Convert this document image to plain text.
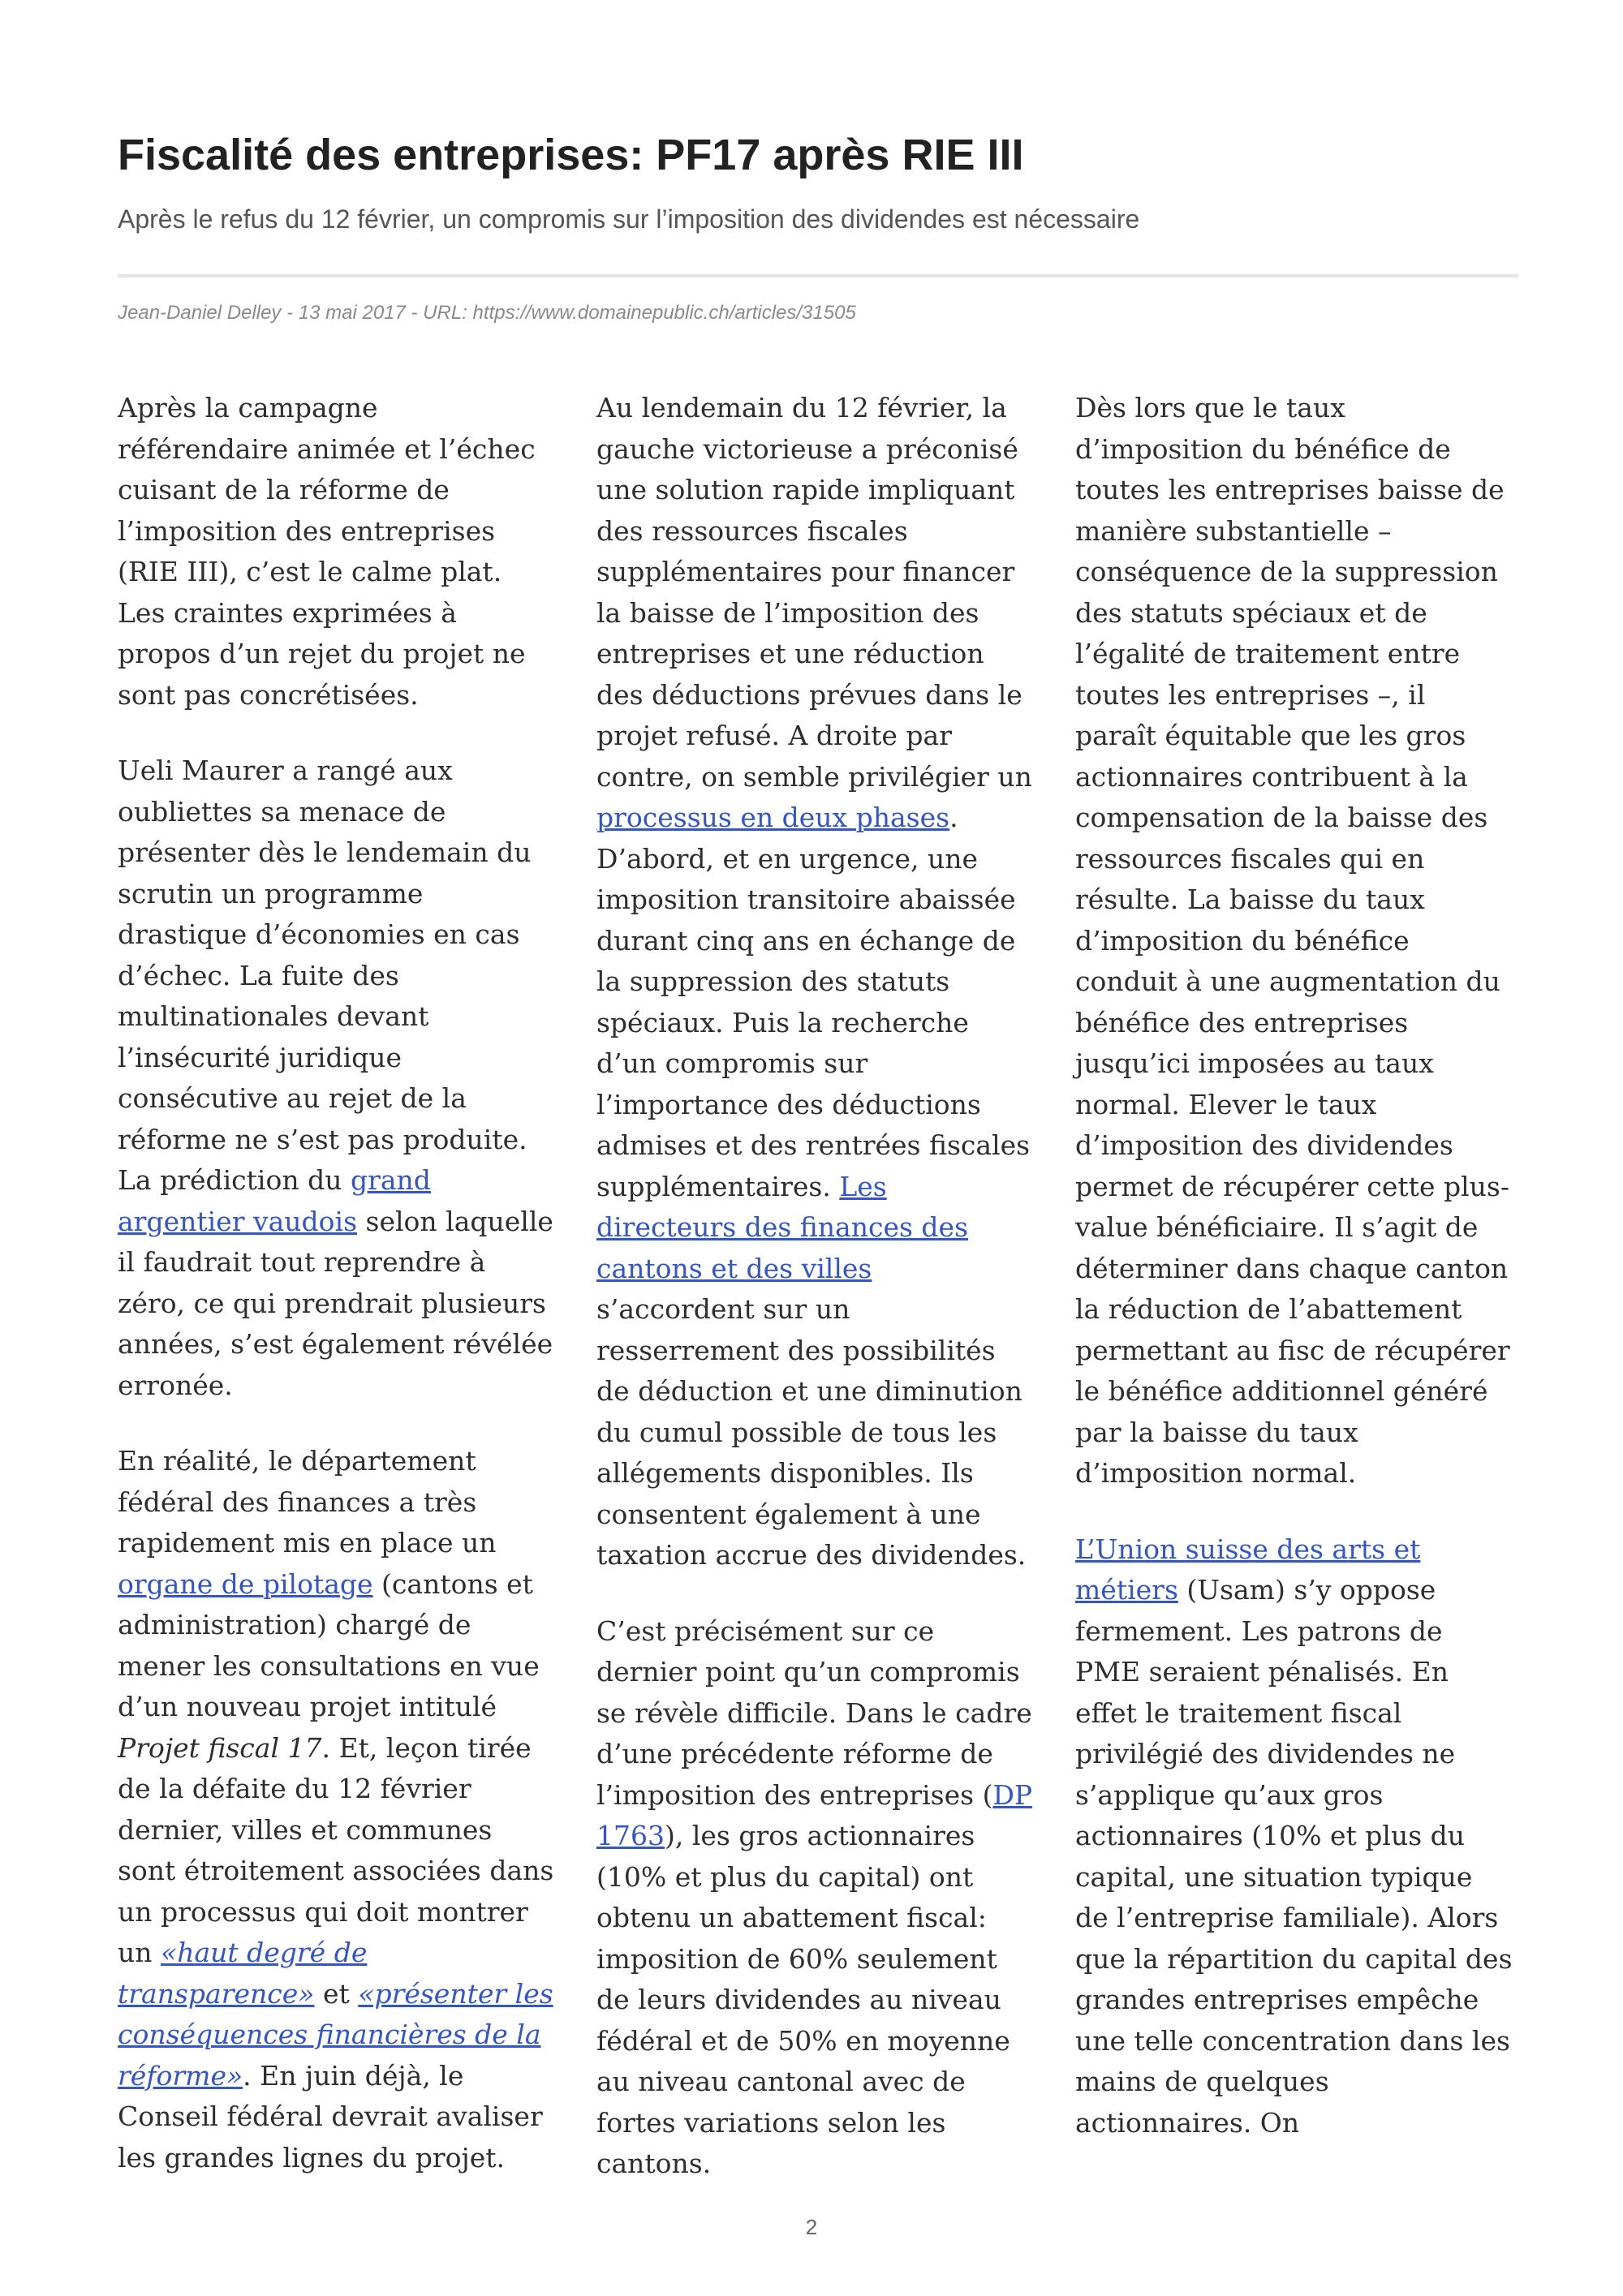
Fiscalité des entreprises: PF17 après RIE III

Après le refus du 12 février, un compromis sur l’imposition des dividendes est nécessaire

Jean-Daniel Delley - 13 mai 2017 - URL: https://www.domainepublic.ch/articles/31505

Après la campagne référendaire animée et l’échec cuisant de la réforme de l’imposition des entreprises (RIE III), c’est le calme plat. Les craintes exprimées à propos d’un rejet du projet ne sont pas concrétisées.

Ueli Maurer a rangé aux oubliettes sa menace de présenter dès le lendemain du scrutin un programme drastique d’économies en cas d’échec. La fuite des multinationales devant l’insécurité juridique consécutive au rejet de la réforme ne s’est pas produite. La prédiction du grand argentier vaudois selon laquelle il faudrait tout reprendre à zéro, ce qui prendrait plusieurs années, s’est également révélée erronée.

En réalité, le département fédéral des finances a très rapidement mis en place un organe de pilotage (cantons et administration) chargé de mener les consultations en vue d’un nouveau projet intitulé Projet fiscal 17. Et, leçon tirée de la défaite du 12 février dernier, villes et communes sont étroitement associées dans un processus qui doit montrer un «haut degré de transparence» et «présenter les conséquences financières de la réforme». En juin déjà, le Conseil fédéral devrait avaliser les grandes lignes du projet.

Au lendemain du 12 février, la gauche victorieuse a préconisé une solution rapide impliquant des ressources fiscales supplémentaires pour financer la baisse de l’imposition des entreprises et une réduction des déductions prévues dans le projet refusé. A droite par contre, on semble privilégier un processus en deux phases. D’abord, et en urgence, une imposition transitoire abaissée durant cinq ans en échange de la suppression des statuts spéciaux. Puis la recherche d’un compromis sur l’importance des déductions admises et des rentrées fiscales supplémentaires. Les directeurs des finances des cantons et des villes s’accordent sur un resserrement des possibilités de déduction et une diminution du cumul possible de tous les allégements disponibles. Ils consentent également à une taxation accrue des dividendes.

C’est précisément sur ce dernier point qu’un compromis se révèle difficile. Dans le cadre d’une précédente réforme de l’imposition des entreprises (DP 1763), les gros actionnaires (10% et plus du capital) ont obtenu un abattement fiscal: imposition de 60% seulement de leurs dividendes au niveau fédéral et de 50% en moyenne au niveau cantonal avec de fortes variations selon les cantons.

Dès lors que le taux d’imposition du bénéfice de toutes les entreprises baisse de manière substantielle – conséquence de la suppression des statuts spéciaux et de l’égalité de traitement entre toutes les entreprises –, il paraît équitable que les gros actionnaires contribuent à la compensation de la baisse des ressources fiscales qui en résulte. La baisse du taux d’imposition du bénéfice conduit à une augmentation du bénéfice des entreprises jusqu’ici imposées au taux normal. Elever le taux d’imposition des dividendes permet de récupérer cette plus-value bénéficiaire. Il s’agit de déterminer dans chaque canton la réduction de l’abattement permettant au fisc de récupérer le bénéfice additionnel généré par la baisse du taux d’imposition normal.

L’Union suisse des arts et métiers (Usam) s’y oppose fermement. Les patrons de PME seraient pénalisés. En effet le traitement fiscal privilégié des dividendes ne s’applique qu’aux gros actionnaires (10% et plus du capital, une situation typique de l’entreprise familiale). Alors que la répartition du capital des grandes entreprises empêche une telle concentration dans les mains de quelques actionnaires. On

2
